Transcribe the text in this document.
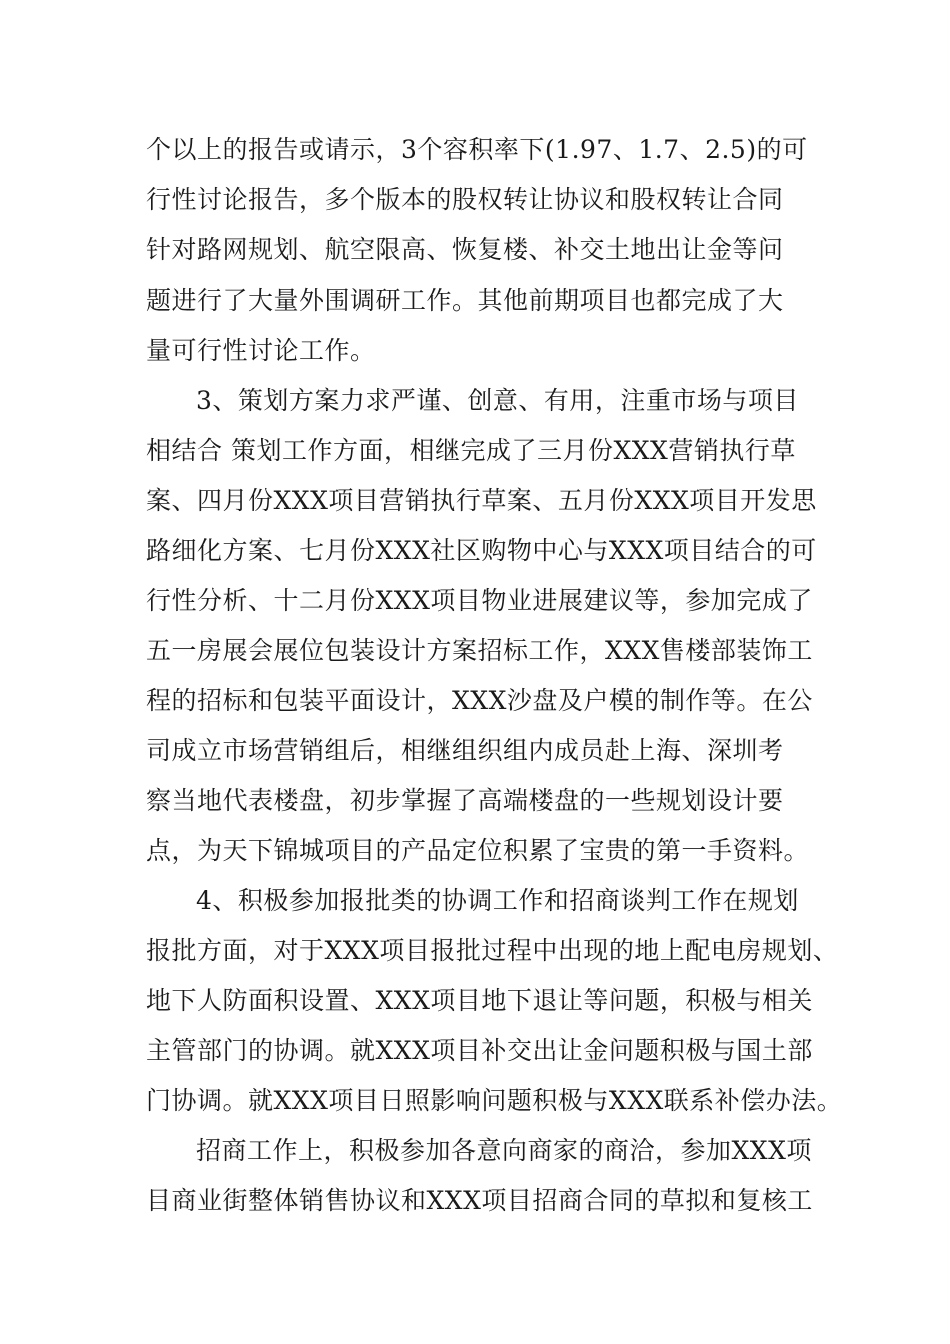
个以上的报告或请示，3个容积率下(1.97、1.7、2.5)的可
行性讨论报告，多个版本的股权转让协议和股权转让合同
针对路网规划、航空限高、恢复楼、补交土地出让金等问
题进行了大量外围调研工作。其他前期项目也都完成了大
量可行性讨论工作。
3、策划方案力求严谨、创意、有用，注重市场与项目
相结合 策划工作方面，相继完成了三月份XXX营销执行草
案、四月份XXX项目营销执行草案、五月份XXX项目开发思
路细化方案、七月份XXX社区购物中心与XXX项目结合的可
行性分析、十二月份XXX项目物业进展建议等，参加完成了
五一房展会展位包装设计方案招标工作，XXX售楼部装饰工
程的招标和包装平面设计，XXX沙盘及户模的制作等。在公
司成立市场营销组后，相继组织组内成员赴上海、深圳考
察当地代表楼盘，初步掌握了高端楼盘的一些规划设计要
点，为天下锦城项目的产品定位积累了宝贵的第一手资料。
4、积极参加报批类的协调工作和招商谈判工作在规划
报批方面，对于XXX项目报批过程中出现的地上配电房规划、
地下人防面积设置、XXX项目地下退让等问题，积极与相关
主管部门的协调。就XXX项目补交出让金问题积极与国土部
门协调。就XXX项目日照影响问题积极与XXX联系补偿办法。
招商工作上，积极参加各意向商家的商洽，参加XXX项
目商业街整体销售协议和XXX项目招商合同的草拟和复核工
